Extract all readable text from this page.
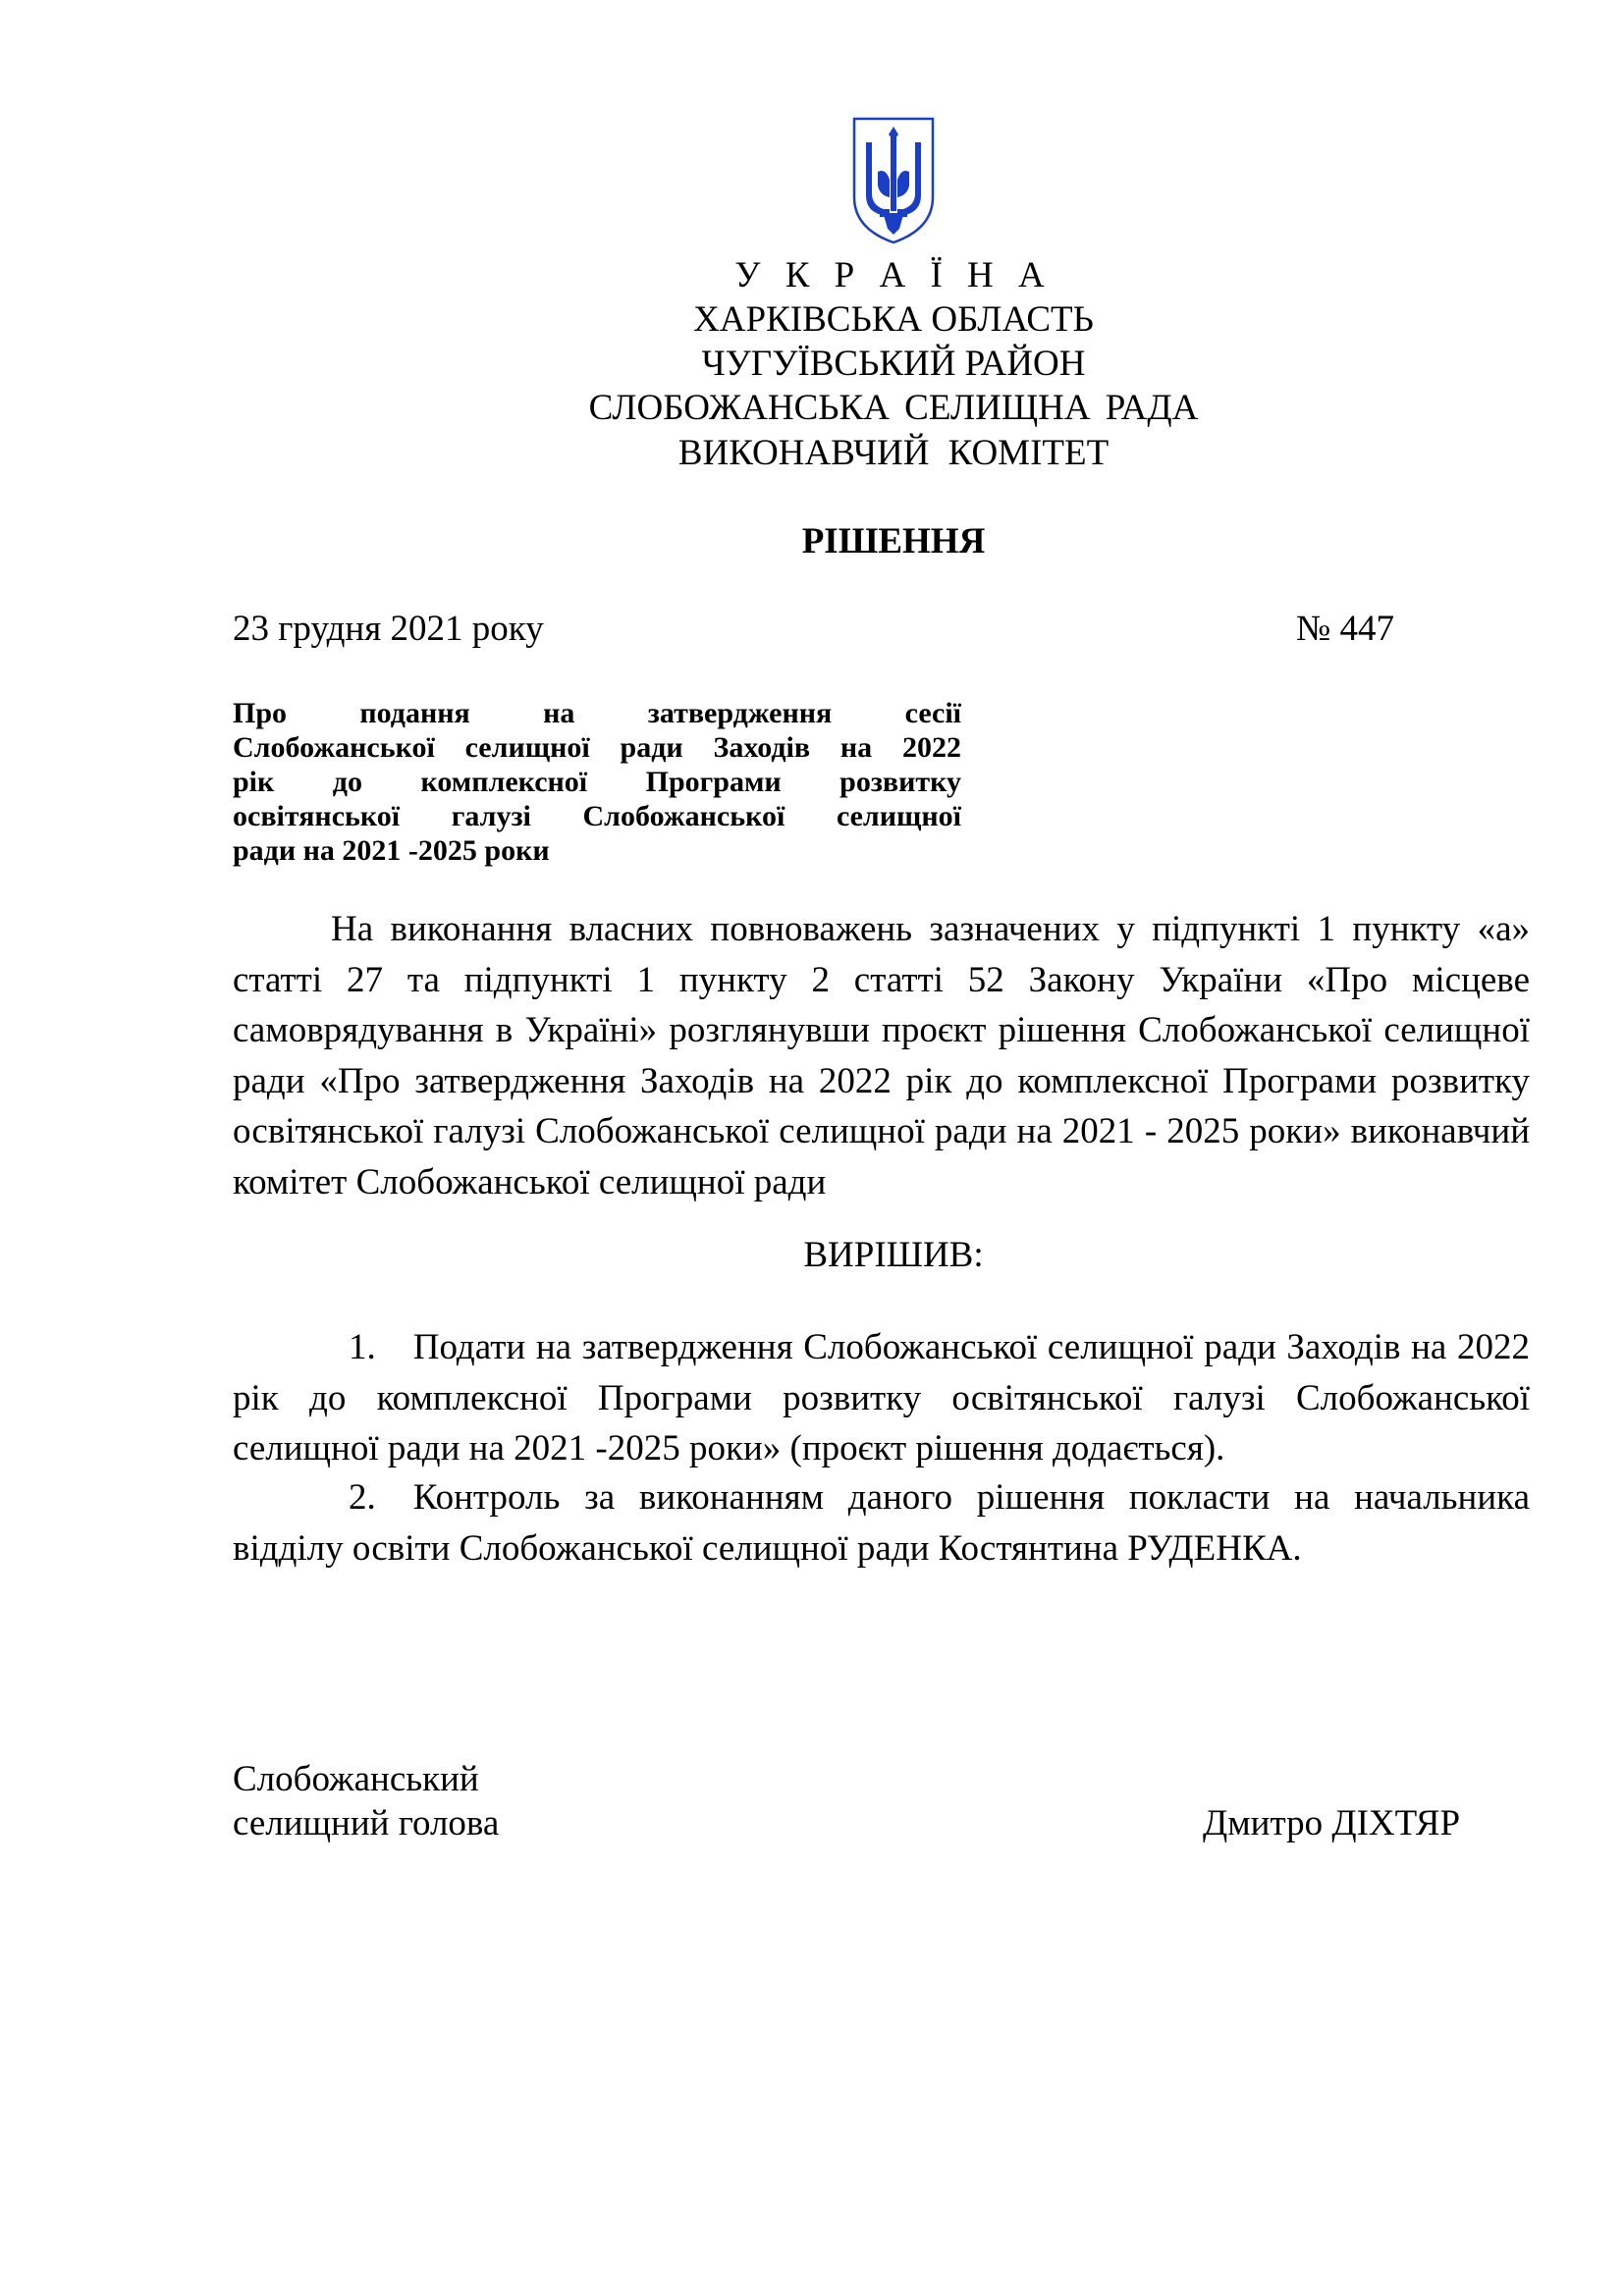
У К Р А Ї Н А
ХАРКІВСЬКА ОБЛАСТЬ
ЧУГУЇВСЬКИЙ РАЙОН
СЛОБОЖАНСЬКА СЕЛИЩНА РАДА
ВИКОНАВЧИЙ КОМІТЕТ
РІШЕННЯ
23 грудня 2021 року	№ 447
Про подання на затвердження сесії
Слобожанської селищної ради Заходів на 2022
рік до комплексної Програми розвитку
освітянської галузі Слобожанської селищної
ради на 2021 -2025 роки
На виконання власних повноважень зазначених у підпункті 1 пункту «а» статті 27 та підпункті 1 пункту 2 статті 52 Закону України «Про місцеве самоврядування в Україні» розглянувши проєкт рішення Слобожанської селищної ради «Про затвердження Заходів на 2022 рік до комплексної Програми розвитку освітянської галузі Слобожанської селищної ради на 2021 - 2025 роки» виконавчий комітет Слобожанської селищної ради
ВИРІШИВ:
1. Подати на затвердження Слобожанської селищної ради Заходів на 2022 рік до комплексної Програми розвитку освітянської галузі Слобожанської селищної ради на 2021 -2025 роки» (проєкт рішення додається).
2. Контроль за виконанням даного рішення покласти на начальника відділу освіти Слобожанської селищної ради Костянтина РУДЕНКА.
Слобожанський
селищний голова	Дмитро ДІХТЯР
